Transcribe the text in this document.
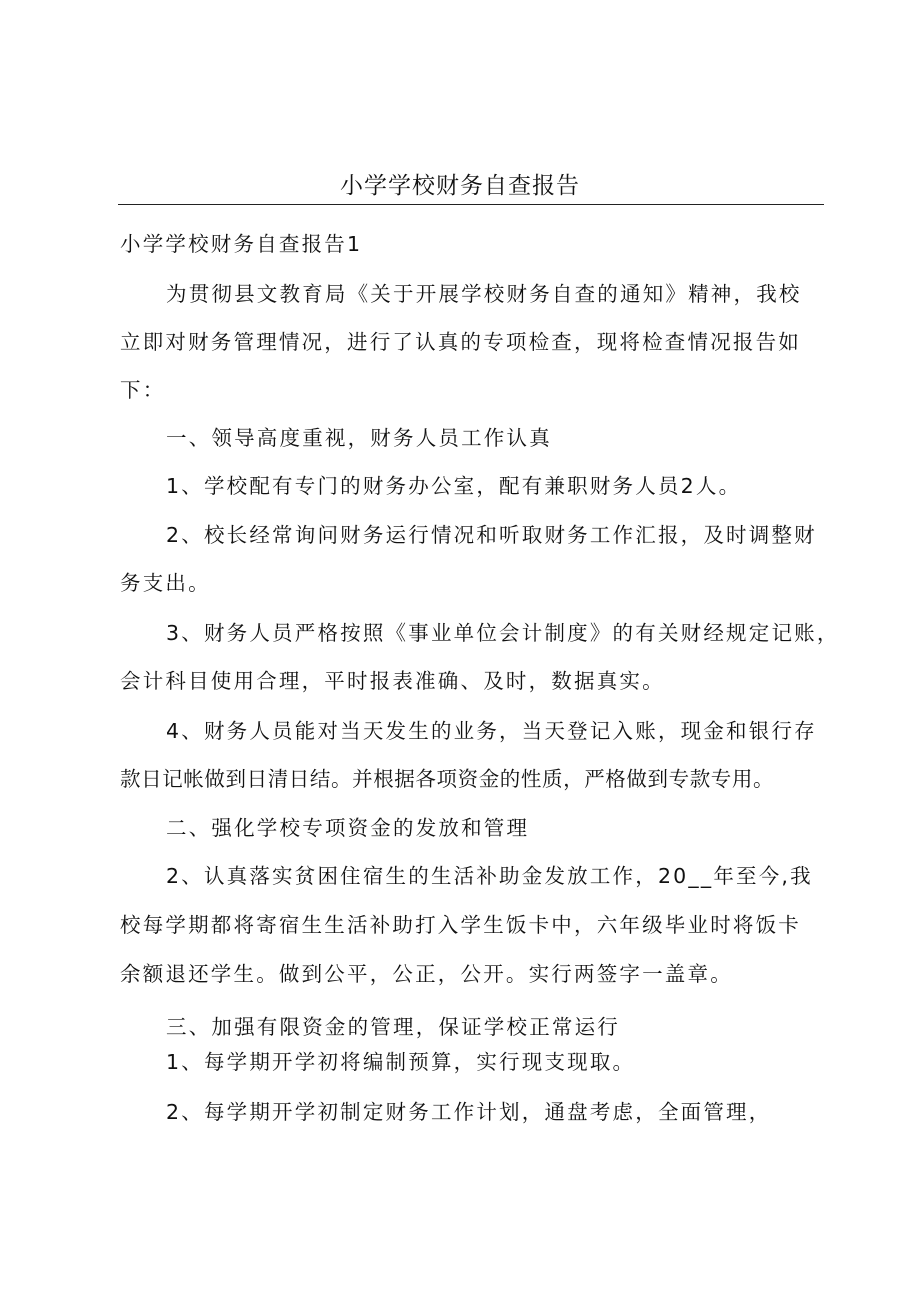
小学学校财务自查报告
小学学校财务自查报告1
为贯彻县文教育局《关于开展学校财务自查的通知》精神，我校
立即对财务管理情况，进行了认真的专项检查，现将检查情况报告如
下：
一、领导高度重视，财务人员工作认真
1、学校配有专门的财务办公室，配有兼职财务人员2人。
2、校长经常询问财务运行情况和听取财务工作汇报，及时调整财
务支出。
3、财务人员严格按照《事业单位会计制度》的有关财经规定记账，
会计科目使用合理，平时报表准确、及时，数据真实。
4、财务人员能对当天发生的业务，当天登记入账，现金和银行存
款日记帐做到日清日结。并根据各项资金的性质，严格做到专款专用。
二、强化学校专项资金的发放和管理
2、认真落实贫困住宿生的生活补助金发放工作，20__年至今,我
校每学期都将寄宿生生活补助打入学生饭卡中，六年级毕业时将饭卡
余额退还学生。做到公平，公正，公开。实行两签字一盖章。
三、加强有限资金的管理，保证学校正常运行
1、每学期开学初将编制预算，实行现支现取。
2、每学期开学初制定财务工作计划，通盘考虑，全面管理，
